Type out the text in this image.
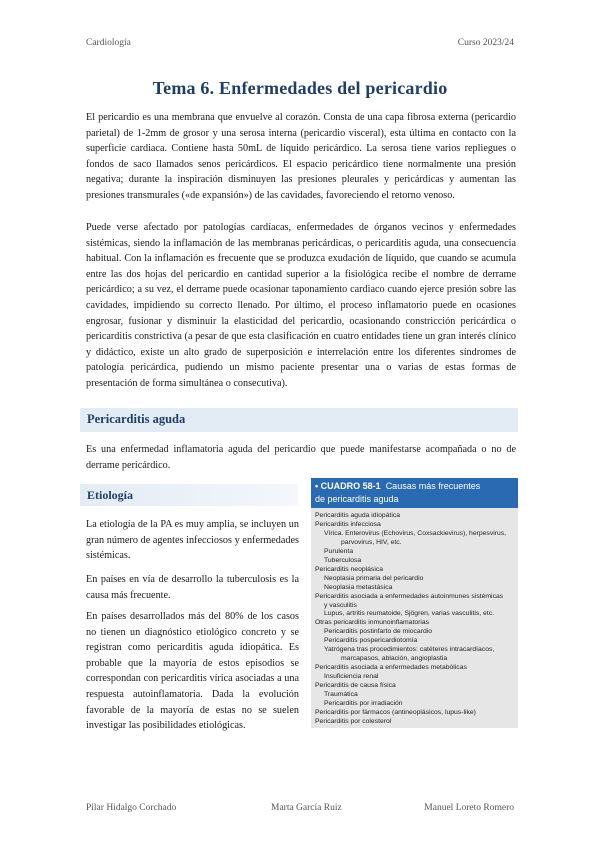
Cardiología	Curso 2023/24
Tema 6. Enfermedades del pericardio

El pericardio es una membrana que envuelve al corazón. Consta de una capa fibrosa externa (pericardio parietal) de 1-2mm de grosor y una serosa interna (pericardio visceral), esta última en contacto con la superficie cardiaca. Contiene hasta 50mL de líquido pericárdico. La serosa tiene varios repliegues o fondos de saco llamados senos pericárdicos. El espacio pericárdico tiene normalmente una presión negativa; durante la inspiración disminuyen las presiones pleurales y pericárdicas y aumentan las presiones transmurales («de expansión») de las cavidades, favoreciendo el retorno venoso.

Puede verse afectado por patologías cardíacas, enfermedades de órganos vecinos y enfermedades sistémicas, siendo la inflamación de las membranas pericárdicas, o pericarditis aguda, una consecuencia habitual. Con la inflamación es frecuente que se produzca exudación de líquido, que cuando se acumula entre las dos hojas del pericardio en cantidad superior a la fisiológica recibe el nombre de derrame pericárdico; a su vez, el derrame puede ocasionar taponamiento cardiaco cuando ejerce presión sobre las cavidades, impidiendo su correcto llenado. Por último, el proceso inflamatorio puede en ocasiones engrosar, fusionar y disminuir la elasticidad del pericardio, ocasionando constricción pericárdica o pericarditis constrictiva (a pesar de que esta clasificación en cuatro entidades tiene un gran interés clínico y didáctico, existe un alto grado de superposición e interrelación entre los diferentes síndromes de patología pericárdica, pudiendo un mismo paciente presentar una o varias de estas formas de presentación de forma simultánea o consecutiva).

Pericarditis aguda

Es una enfermedad inflamatoria aguda del pericardio que puede manifestarse acompañada o no de derrame pericárdico.

Etiología

La etiología de la PA es muy amplia, se incluyen un gran número de agentes infecciosos y enfermedades sistémicas.

En países en vía de desarrollo la tuberculosis es la causa más frecuente.

En países desarrollados más del 80% de los casos no tienen un diagnóstico etiológico concreto y se registran como pericarditis aguda idiopática. Es probable que la mayoría de estos episodios se correspondan con pericarditis vírica asociadas a una respuesta autoinflamatoria. Dada la evolución favorable de la mayoría de estas no se suelen investigar las posibilidades etiológicas.

• CUADRO 58-1 Causas más frecuentes
de pericarditis aguda
Pericarditis aguda idiopática
Pericarditis infecciosa
Vírica. Enterovirus (Echovirus, Coxsackievirus), herpesvirus,
parvovirus, HIV, etc.
Purulenta
Tuberculosa
Pericarditis neoplásica
Neoplasia primaria del pericardio
Neoplasia metastásica
Pericarditis asociada a enfermedades autoinmunes sistémicas
y vasculitis
Lupus, artritis reumatoide, Sjögren, varias vasculitis, etc.
Otras pericarditis inmunoinflamatorias
Pericarditis postinfarto de miocardio
Pericarditis pospericardiotomía
Yatrógena tras procedimientos: catéteres intracardíacos,
marcapasos, ablación, angioplastia
Pericarditis asociada a enfermedades metabólicas
Insuficiencia renal
Pericarditis de causa física
Traumática
Pericarditis por irradiación
Pericarditis por fármacos (antineoplásicos, lupus-like)
Pericarditis por colesterol
Pilar Hidalgo Corchado	Marta García Ruiz	Manuel Loreto Romero
